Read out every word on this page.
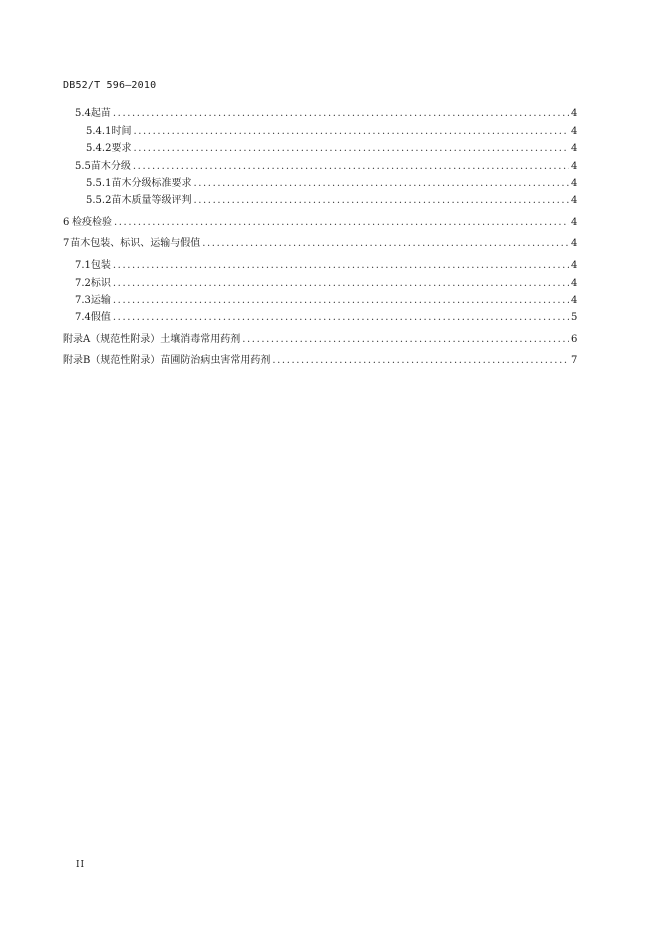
DB52/T 596—2010
5.4 起苗 .....	4
5.4.1 时间 .....	4
5.4.2 要求 .....	4
5.5 苗木分级 .....	4
5.5.1 苗木分级标准要求 .....	4
5.5.2 苗木质量等级评判 .....	4
6 检疫检验 .....	4
7 苗木包装、标识、运输与假值 .....	4
7.1 包装 .....	4
7.2 标识 .....	4
7.3 运输 .....	4
7.4 假值 .....	5
附录A（规范性附录） 土壤消毒常用药剂 .....	6
附录B（规范性附录） 苗圃防治病虫害常用药剂 .....	7
II
